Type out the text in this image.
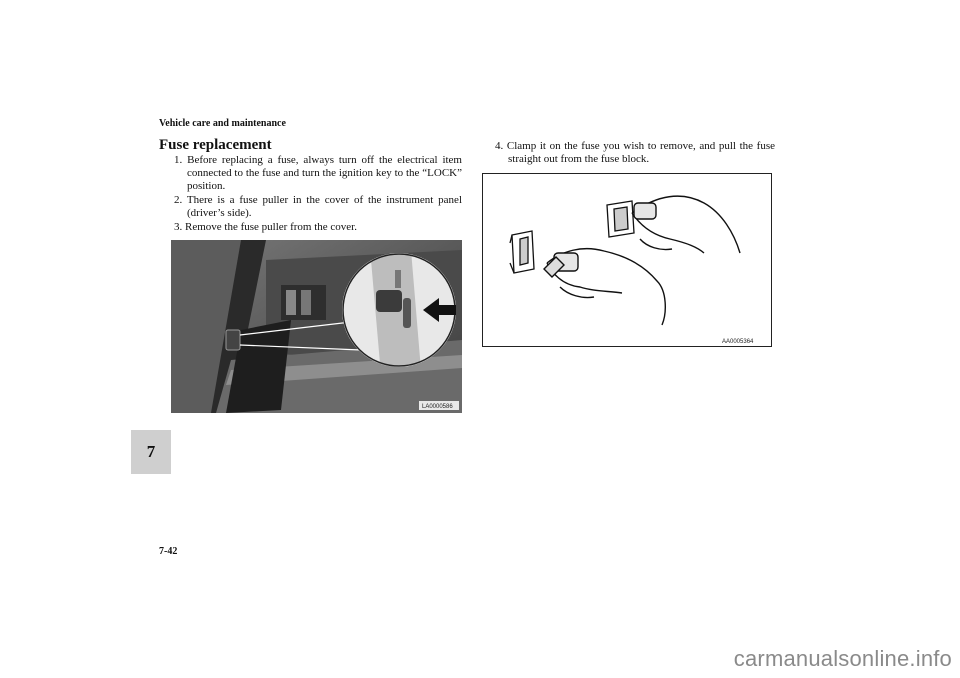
Vehicle care and maintenance
Fuse replacement
1. Before replacing a fuse, always turn off the electrical item connected to the fuse and turn the ignition key to the “LOCK” position.
2. There is a fuse puller in the cover of the instrument panel (driver’s side).
3. Remove the fuse puller from the cover.
4. Clamp it on the fuse you wish to remove, and pull the fuse straight out from the fuse block.
LA0000586
AA0005364
7
7-42
carmanualsonline.info
